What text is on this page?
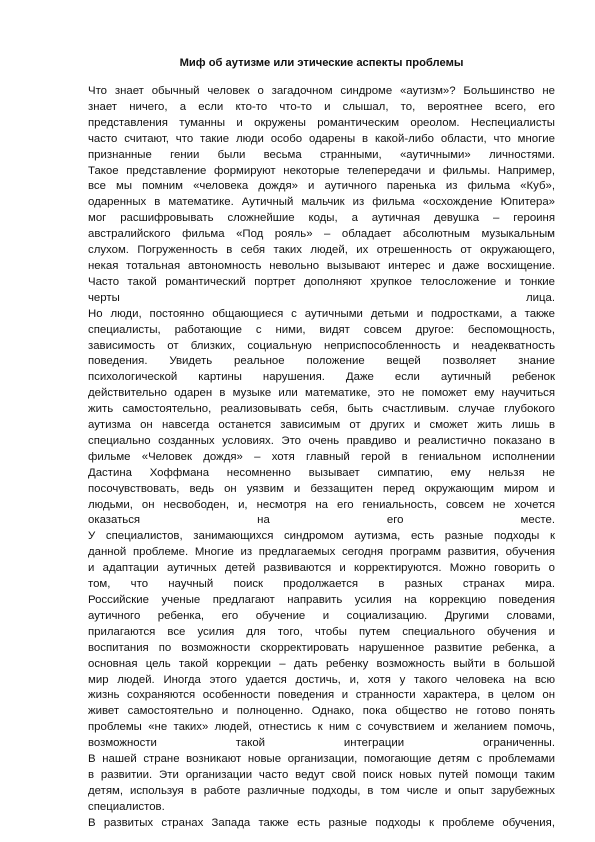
Миф об аутизме или этические аспекты проблемы

Что знает обычный человек о загадочном синдроме «аутизм»? Большинство не
знает ничего, а если кто-то что-то и слышал, то, вероятнее всего, его
представления туманны и окружены романтическим ореолом. Неспециалисты
часто считают, что такие люди особо одарены в какой-либо области, что многие
признанные гении были весьма странными, «аутичными» личностями.
Такое представление формируют некоторые телепередачи и фильмы. Например,
все мы помним «человека дождя» и аутичного паренька из фильма «Куб»,
одаренных в математике. Аутичный мальчик из фильма «осхождение Юпитера»
мог расшифровывать сложнейшие коды, а аутичная девушка – героиня
австралийского фильма «Под рояль» – обладает абсолютным музыкальным
слухом. Погруженность в себя таких людей, их отрешенность от окружающего,
некая тотальная автономность невольно вызывают интерес и даже восхищение.
Часто такой романтический портрет дополняют хрупкое телосложение и тонкие
черты лица.

Но люди, постоянно общающиеся с аутичными детьми и подростками, а также
специалисты, работающие с ними, видят совсем другое: беспомощность,
зависимость от близких, социальную неприспособленность и неадекватность
поведения. Увидеть реальное положение вещей позволяет знание
психологической картины нарушения. Даже если аутичный ребенок
действительно одарен в музыке или математике, это не поможет ему научиться
жить самостоятельно, реализовывать себя, быть счастливым. случае глубокого
аутизма он навсегда останется зависимым от других и сможет жить лишь в
специально созданных условиях. Это очень правдиво и реалистично показано в
фильме «Человек дождя» – хотя главный герой в гениальном исполнении
Дастина Хоффмана несомненно вызывает симпатию, ему нельзя не
посочувствовать, ведь он уязвим и беззащитен перед окружающим миром и
людьми, он несвободен, и, несмотря на его гениальность, совсем не хочется
оказаться на его месте.

У специалистов, занимающихся синдромом аутизма, есть разные подходы к
данной проблеме. Многие из предлагаемых сегодня программ развития, обучения
и адаптации аутичных детей развиваются и корректируются. Можно говорить о
том, что научный поиск продолжается в разных странах мира.
Российские ученые предлагают направить усилия на коррекцию поведения
аутичного ребенка, его обучение и социализацию. Другими словами,
прилагаются все усилия для того, чтобы путем специального обучения и
воспитания по возможности скорректировать нарушенное развитие ребенка, а
основная цель такой коррекции – дать ребенку возможность выйти в большой
мир людей. Иногда этого удается достичь, и, хотя у такого человека на всю
жизнь сохраняются особенности поведения и странности характера, в целом он
живет самостоятельно и полноценно. Однако, пока общество не готово понять
проблемы «не таких» людей, отнестись к ним с сочувствием и желанием помочь,
возможности такой интеграции ограниченны.

В нашей стране возникают новые организации, помогающие детям с проблемами
в развитии. Эти организации часто ведут свой поиск новых путей помощи таким
детям, используя в работе различные подходы, в том числе и опыт зарубежных
специалистов.

В развитых странах Запада также есть разные подходы к проблеме обучения,
